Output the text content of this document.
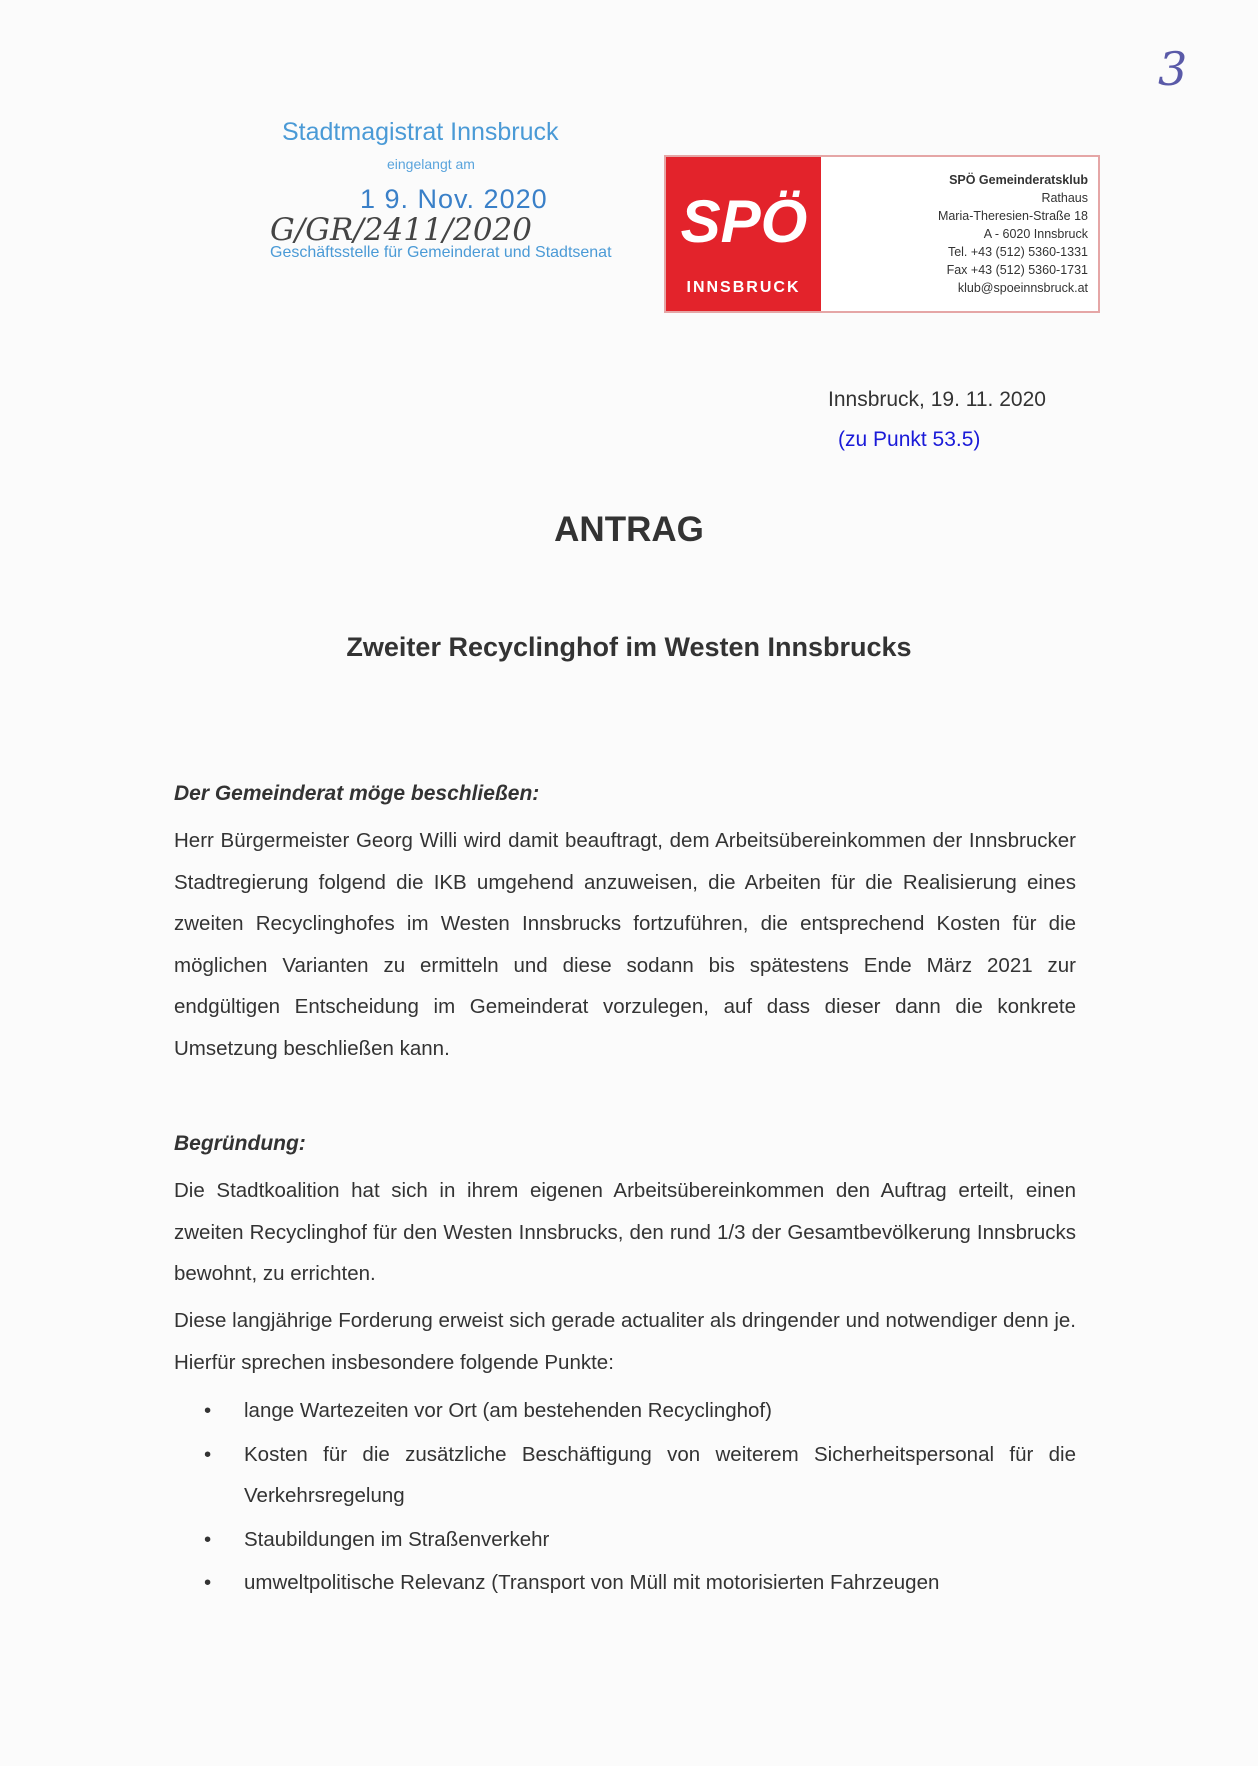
3
Stadtmagistrat Innsbruck
eingelangt am
1 9. Nov. 2020
G/GR/2411/2020
Geschäftsstelle für Gemeinderat und Stadtsenat SPÖ
INNSBRUCK
SPÖ Gemeinderatsklub
Rathaus
Maria-Theresien-Straße 18
A - 6020 Innsbruck
Tel. +43 (512) 5360-1331
Fax +43 (512) 5360-1731
klub@spoeinnsbruck.at
Innsbruck, 19. 11. 2020
(zu Punkt 53.5)
ANTRAG
Zweiter Recyclinghof im Westen Innsbrucks
Der Gemeinderat möge beschließen:
Herr Bürgermeister Georg Willi wird damit beauftragt, dem Arbeitsübereinkommen der Innsbrucker Stadtregierung folgend die IKB umgehend anzuweisen, die Arbeiten für die Realisierung eines zweiten Recyclinghofes im Westen Innsbrucks fortzuführen, die entsprechend Kosten für die möglichen Varianten zu ermitteln und diese sodann bis spätestens Ende März 2021 zur endgültigen Entscheidung im Gemeinderat vorzulegen, auf dass dieser dann die konkrete Umsetzung beschließen kann.
Begründung:
Die Stadtkoalition hat sich in ihrem eigenen Arbeitsübereinkommen den Auftrag erteilt, einen zweiten Recyclinghof für den Westen Innsbrucks, den rund 1/3 der Gesamtbevölkerung Innsbrucks bewohnt, zu errichten.
Diese langjährige Forderung erweist sich gerade actualiter als dringender und notwendiger denn je. Hierfür sprechen insbesondere folgende Punkte:
• lange Wartezeiten vor Ort (am bestehenden Recyclinghof)
• Kosten für die zusätzliche Beschäftigung von weiterem Sicherheitspersonal für die Verkehrsregelung
• Staubildungen im Straßenverkehr
• umweltpolitische Relevanz (Transport von Müll mit motorisierten Fahrzeugen
